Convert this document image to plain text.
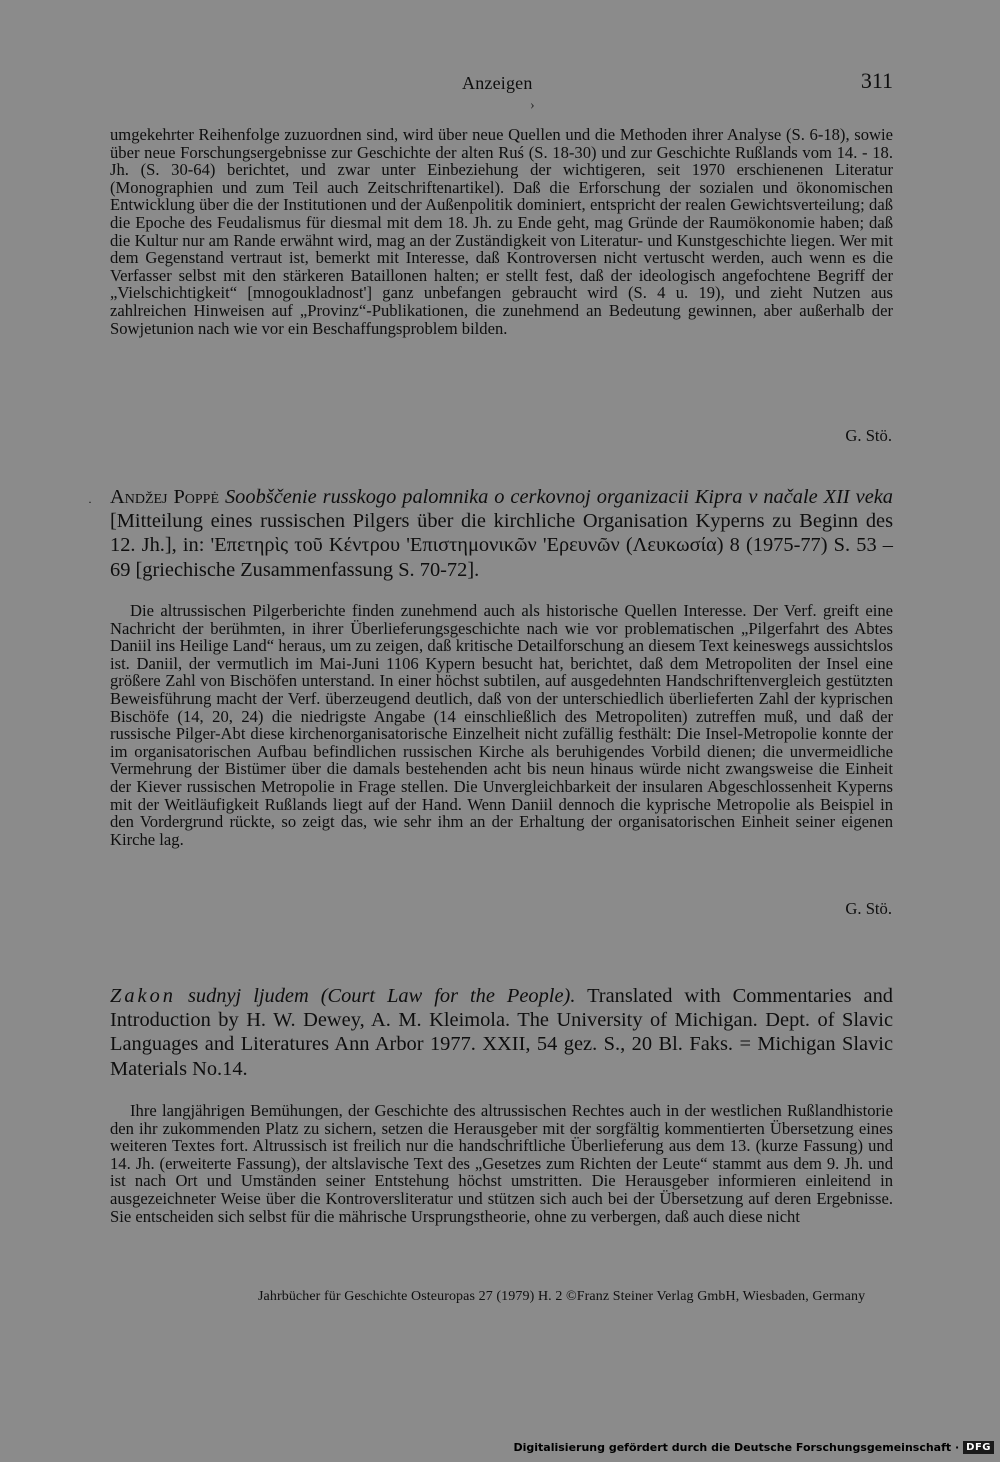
Anzeigen	311
›

umgekehrter Reihenfolge zuzuordnen sind, wird über neue Quellen und die Methoden ihrer Analyse (S. 6-18), sowie über neue Forschungsergebnisse zur Geschichte der alten Ruś (S. 18-30) und zur Geschichte Rußlands vom 14. - 18. Jh. (S. 30-64) berichtet, und zwar unter Einbeziehung der wichtigeren, seit 1970 erschienenen Literatur (Monographien und zum Teil auch Zeitschriftenartikel). Daß die Erforschung der sozialen und ökonomischen Entwicklung über die der Institutionen und der Außenpolitik dominiert, entspricht der realen Gewichtsverteilung; daß die Epoche des Feudalismus für diesmal mit dem 18. Jh. zu Ende geht, mag Gründe der Raumökonomie haben; daß die Kultur nur am Rande erwähnt wird, mag an der Zuständigkeit von Literatur- und Kunstgeschichte liegen. Wer mit dem Gegenstand vertraut ist, bemerkt mit Interesse, daß Kontroversen nicht vertuscht werden, auch wenn es die Verfasser selbst mit den stärkeren Bataillonen halten; er stellt fest, daß der ideologisch angefochtene Begriff der „Vielschichtigkeit“ [mnogoukladnost'] ganz unbefangen gebraucht wird (S. 4 u. 19), und zieht Nutzen aus zahlreichen Hinweisen auf „Provinz“-Publikationen, die zunehmend an Bedeutung gewinnen, aber außerhalb der Sowjetunion nach wie vor ein Beschaffungsproblem bilden.

G. Stö.
· Andžej Poppė Soobščenie russkogo palomnika o cerkovnoj organizacii Kipra v načale XII veka [Mitteilung eines russischen Pilgers über die kirchliche Organisation Kyperns zu Beginn des 12. Jh.], in: 'Επετηρὶς τοῦ Κέντρου 'Επιστημονικῶν 'Ερευνῶν (Λευκωσία) 8 (1975-77) S. 53 – 69 [griechische Zusammenfassung S. 70-72].

Die altrussischen Pilgerberichte finden zunehmend auch als historische Quellen Interesse. Der Verf. greift eine Nachricht der berühmten, in ihrer Überlieferungsgeschichte nach wie vor problematischen „Pilgerfahrt des Abtes Daniil ins Heilige Land“ heraus, um zu zeigen, daß kritische Detailforschung an diesem Text keineswegs aussichtslos ist. Daniil, der vermutlich im Mai-Juni 1106 Kypern besucht hat, berichtet, daß dem Metropoliten der Insel eine größere Zahl von Bischöfen unterstand. In einer höchst subtilen, auf ausgedehnten Handschriftenvergleich gestützten Beweisführung macht der Verf. überzeugend deutlich, daß von der unterschiedlich überlieferten Zahl der kyprischen Bischöfe (14, 20, 24) die niedrigste Angabe (14 einschließlich des Metropoliten) zutreffen muß, und daß der russische Pilger-Abt diese kirchenorganisatorische Einzelheit nicht zufällig festhält: Die Insel-Metropolie konnte der im organisatorischen Aufbau befindlichen russischen Kirche als beruhigendes Vorbild dienen; die unvermeidliche Vermehrung der Bistümer über die damals bestehenden acht bis neun hinaus würde nicht zwangsweise die Einheit der Kiever russischen Metropolie in Frage stellen. Die Unvergleichbarkeit der insularen Abgeschlossenheit Kyperns mit der Weitläufigkeit Rußlands liegt auf der Hand. Wenn Daniil dennoch die kyprische Metropolie als Beispiel in den Vordergrund rückte, so zeigt das, wie sehr ihm an der Erhaltung der organisatorischen Einheit seiner eigenen Kirche lag.

G. Stö.

Zakon sudnyj ljudem (Court Law for the People). Translated with Commentaries and Introduction by H. W. Dewey, A. M. Kleimola. The University of Michigan. Dept. of Slavic Languages and Literatures Ann Arbor 1977. XXII, 54 gez. S., 20 Bl. Faks. = Michigan Slavic Materials No.14.

Ihre langjährigen Bemühungen, der Geschichte des altrussischen Rechtes auch in der westlichen Rußlandhistorie den ihr zukommenden Platz zu sichern, setzen die Herausgeber mit der sorgfältig kommentierten Übersetzung eines weiteren Textes fort. Altrussisch ist freilich nur die handschriftliche Überlieferung aus dem 13. (kurze Fassung) und 14. Jh. (erweiterte Fassung), der altslavische Text des „Gesetzes zum Richten der Leute“ stammt aus dem 9. Jh. und ist nach Ort und Umständen seiner Entstehung höchst umstritten. Die Herausgeber informieren einleitend in ausgezeichneter Weise über die Kontroversliteratur und stützen sich auch bei der Übersetzung auf deren Ergebnisse. Sie entscheiden sich selbst für die mährische Ursprungstheorie, ohne zu verbergen, daß auch diese nicht

Jahrbücher für Geschichte Osteuropas 27 (1979) H. 2 ©Franz Steiner Verlag GmbH, Wiesbaden, Germany
Digitalisierung gefördert durch die Deutsche Forschungsgemeinschaft · DFG
